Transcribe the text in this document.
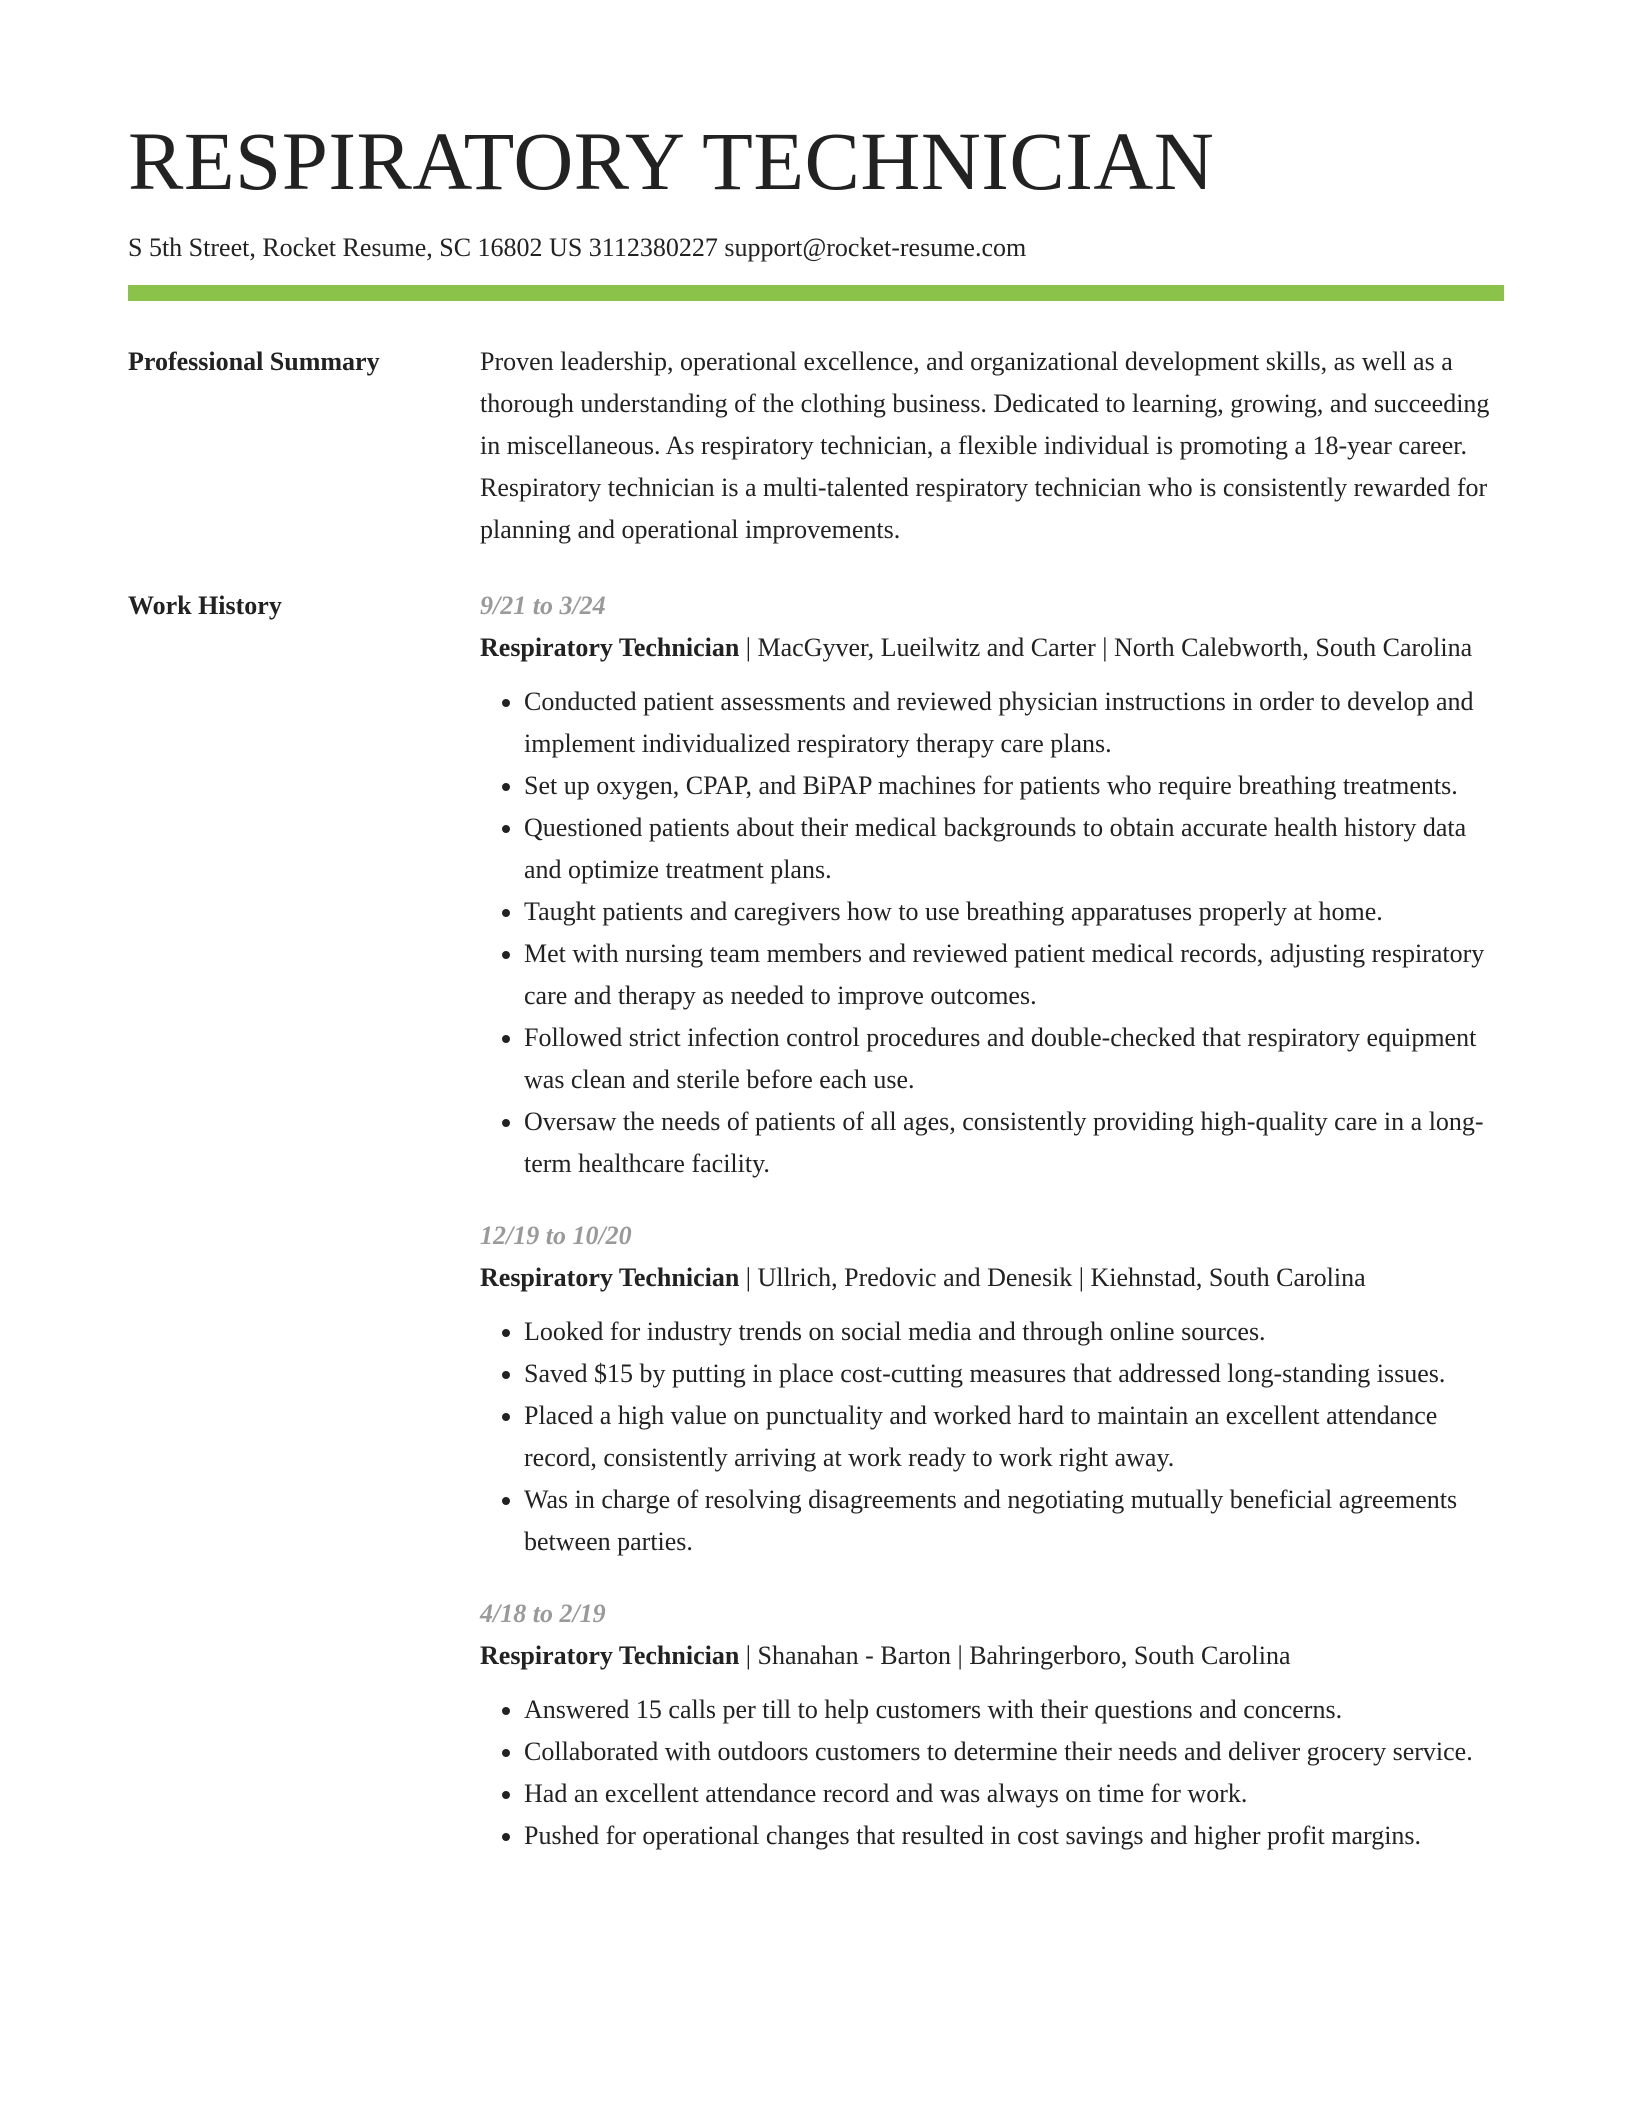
RESPIRATORY TECHNICIAN
S 5th Street, Rocket Resume, SC 16802 US 3112380227 support@rocket-resume.com
Professional Summary	Proven leadership, operational excellence, and organizational development skills, as well as a thorough understanding of the clothing business. Dedicated to learning, growing, and succeeding in miscellaneous. As respiratory technician, a flexible individual is promoting a 18-year career. Respiratory technician is a multi-talented respiratory technician who is consistently rewarded for planning and operational improvements.

Work History	9/21 to 3/24
Respiratory Technician | MacGyver, Lueilwitz and Carter | North Calebworth, South Carolina
• Conducted patient assessments and reviewed physician instructions in order to develop and implement individualized respiratory therapy care plans.
• Set up oxygen, CPAP, and BiPAP machines for patients who require breathing treatments.
• Questioned patients about their medical backgrounds to obtain accurate health history data and optimize treatment plans.
• Taught patients and caregivers how to use breathing apparatuses properly at home.
• Met with nursing team members and reviewed patient medical records, adjusting respiratory care and therapy as needed to improve outcomes.
• Followed strict infection control procedures and double-checked that respiratory equipment was clean and sterile before each use.
• Oversaw the needs of patients of all ages, consistently providing high-quality care in a long-term healthcare facility.
12/19 to 10/20
Respiratory Technician | Ullrich, Predovic and Denesik | Kiehnstad, South Carolina
• Looked for industry trends on social media and through online sources.
• Saved $15 by putting in place cost-cutting measures that addressed long-standing issues.
• Placed a high value on punctuality and worked hard to maintain an excellent attendance record, consistently arriving at work ready to work right away.
• Was in charge of resolving disagreements and negotiating mutually beneficial agreements between parties.
4/18 to 2/19
Respiratory Technician | Shanahan - Barton | Bahringerboro, South Carolina
• Answered 15 calls per till to help customers with their questions and concerns.
• Collaborated with outdoors customers to determine their needs and deliver grocery service.
• Had an excellent attendance record and was always on time for work.
• Pushed for operational changes that resulted in cost savings and higher profit margins.
